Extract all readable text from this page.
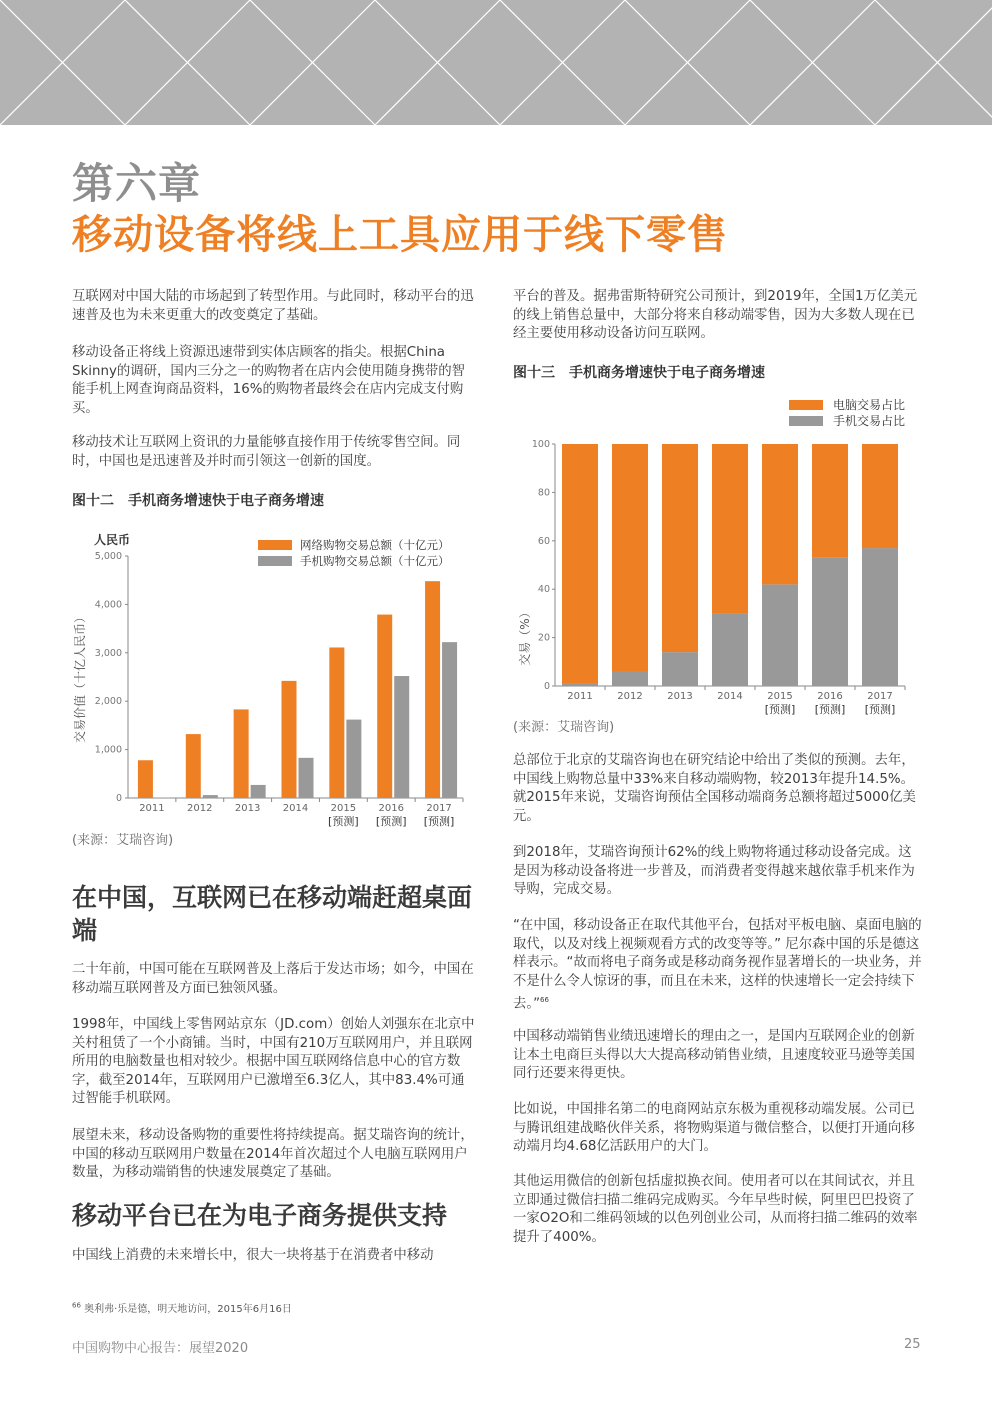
第六章
移动设备将线上工具应用于线下零售

互联网对中国大陆的市场起到了转型作用。与此同时，移动平台的迅速普及也为未来更重大的改变奠定了基础。

移动设备正将线上资源迅速带到实体店顾客的指尖。根据China Skinny的调研，国内三分之一的购物者在店内会使用随身携带的智能手机上网查询商品资料，16%的购物者最终会在店内完成支付购买。

移动技术让互联网上资讯的力量能够直接作用于传统零售空间。同时，中国也是迅速普及并时而引领这一创新的国度。

图十二　手机商务增速快于电子商务增速
人民币	网络购物交易总额（十亿元）
手机购物交易总额（十亿元）
0
1,000
2,000
3,000
4,000
5,000
交易价值（十亿人民币）
2011 2012 2013 2014 2015
[预测]
2016
[预测]
2017
[预测]
(来源：艾瑞咨询)
在中国，互联网已在移动端赶超桌面端

二十年前，中国可能在互联网普及上落后于发达市场；如今，中国在移动端互联网普及方面已独领风骚。

1998年，中国线上零售网站京东（JD.com）创始人刘强东在北京中关村租赁了一个小商铺。当时，中国有210万互联网用户，并且联网所用的电脑数量也相对较少。根据中国互联网络信息中心的官方数字，截至2014年，互联网用户已激增至6.3亿人，其中83.4%可通过智能手机联网。

展望未来，移动设备购物的重要性将持续提高。据艾瑞咨询的统计，中国的移动互联网用户数量在2014年首次超过个人电脑互联网用户数量，为移动端销售的快速发展奠定了基础。

移动平台已在为电子商务提供支持

中国线上消费的未来增长中，很大一块将基于在消费者中移动

平台的普及。据弗雷斯特研究公司预计，到2019年，全国1万亿美元的线上销售总量中，大部分将来自移动端零售，因为大多数人现在已经主要使用移动设备访问互联网。

图十三　手机商务增速快于电子商务增速
电脑交易占比
手机交易占比
0
20
40
60
80
100
交易（%）
2011 2012 2013 2014 2015
[预测]
2016
[预测]
2017
[预测]
(来源：艾瑞咨询)

总部位于北京的艾瑞咨询也在研究结论中给出了类似的预测。去年，中国线上购物总量中33%来自移动端购物，较2013年提升14.5%。就2015年来说，艾瑞咨询预估全国移动端商务总额将超过5000亿美元。

到2018年，艾瑞咨询预计62%的线上购物将通过移动设备完成。这是因为移动设备将进一步普及，而消费者变得越来越依靠手机来作为导购，完成交易。

“在中国，移动设备正在取代其他平台，包括对平板电脑、桌面电脑的取代，以及对线上视频观看方式的改变等等。” 尼尔森中国的乐是德这样表示。“故而将电子商务或是移动商务视作显著增长的一块业务，并不是什么令人惊讶的事，而且在未来，这样的快速增长一定会持续下去。”$^{66}$

中国移动端销售业绩迅速增长的理由之一，是国内互联网企业的创新让本土电商巨头得以大大提高移动销售业绩，且速度较亚马逊等美国同行还要来得更快。

比如说，中国排名第二的电商网站京东极为重视移动端发展。公司已与腾讯组建战略伙伴关系，将物购渠道与微信整合，以便打开通向移动端月均4.68亿活跃用户的大门。

其他运用微信的创新包括虚拟换衣间。使用者可以在其间试衣，并且立即通过微信扫描二维码完成购买。今年早些时候，阿里巴巴投资了一家O2O和二维码领域的以色列创业公司，从而将扫描二维码的效率提升了400%。

$^{66}$ 奥利弗·乐是德，明天地访问，2015年6月16日
中国购物中心报告：展望2020	25
